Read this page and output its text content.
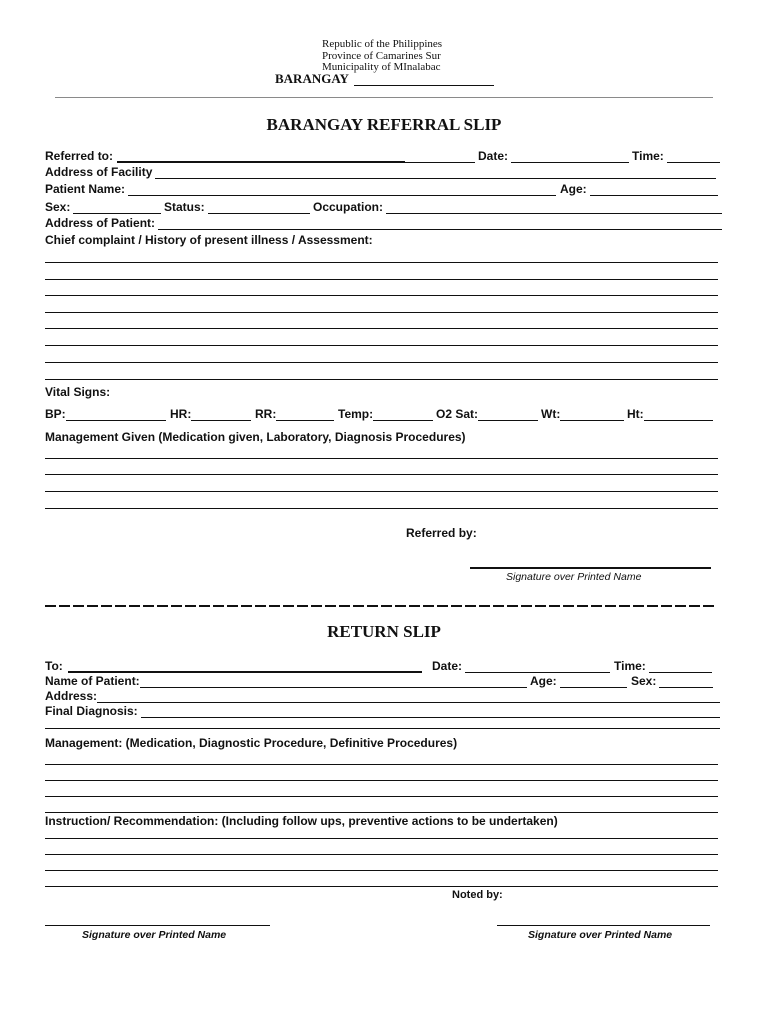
Republic of the Philippines
Province of Camarines Sur
Municipality of MInalabac
BARANGAY
BARANGAY REFERRAL SLIP
Referred to:	Date:	Time:
Address of Facility
Patient Name:	Age:
Sex:	Status:	Occupation:
Address of Patient:
Chief complaint / History of present illness / Assessment:
Vital Signs:
BP:	HR:	RR:	Temp:	O2 Sat:	Wt:	Ht:
Management Given (Medication given, Laboratory, Diagnosis Procedures)
Referred by:
Signature over Printed Name
RETURN SLIP
To:	Date:	Time:
Name of Patient:	Age:	Sex:
Address:
Final Diagnosis:
Management: (Medication, Diagnostic Procedure, Definitive Procedures)
Instruction/ Recommendation: (Including follow ups, preventive actions to be undertaken)
Noted by:
Signature over Printed Name	Signature over Printed Name
